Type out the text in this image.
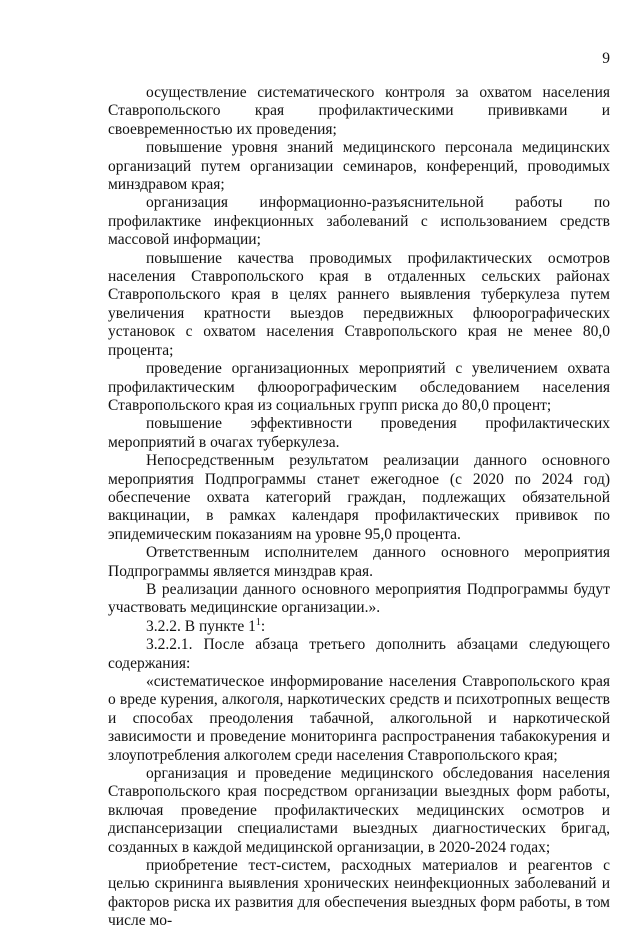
9

осуществление систематического контроля за охватом населения Ставропольского края профилактическими прививками и своевременностью их проведения;

повышение уровня знаний медицинского персонала медицинских организаций путем организации семинаров, конференций, проводимых минздравом края;

организация информационно-разъяснительной работы по профилактике инфекционных заболеваний с использованием средств массовой информации;

повышение качества проводимых профилактических осмотров населения Ставропольского края в отдаленных сельских районах Ставропольского края в целях раннего выявления туберкулеза путем увеличения кратности выездов передвижных флюорографических установок с охватом населения Ставропольского края не менее 80,0 процента;

проведение организационных мероприятий с увеличением охвата профилактическим флюорографическим обследованием населения Ставропольского края из социальных групп риска до 80,0 процент;

повышение эффективности проведения профилактических мероприятий в очагах туберкулеза.

Непосредственным результатом реализации данного основного мероприятия Подпрограммы станет ежегодное (с 2020 по 2024 год) обеспечение охвата категорий граждан, подлежащих обязательной вакцинации, в рамках календаря профилактических прививок по эпидемическим показаниям на уровне 95,0 процента.

Ответственным исполнителем данного основного мероприятия Подпрограммы является минздрав края.

В реализации данного основного мероприятия Подпрограммы будут участвовать медицинские организации.».

3.2.2. В пункте $1^1$:

3.2.2.1. После абзаца третьего дополнить абзацами следующего содержания:

«систематическое информирование населения Ставропольского края о вреде курения, алкоголя, наркотических средств и психотропных веществ и способах преодоления табачной, алкогольной и наркотической зависимости и проведение мониторинга распространения табакокурения и злоупотребления алкоголем среди населения Ставропольского края;

организация и проведение медицинского обследования населения Ставропольского края посредством организации выездных форм работы, включая проведение профилактических медицинских осмотров и диспансеризации специалистами выездных диагностических бригад, созданных в каждой медицинской организации, в 2020-2024 годах;

приобретение тест-систем, расходных материалов и реагентов с целью скрининга выявления хронических неинфекционных заболеваний и факторов риска их развития для обеспечения выездных форм работы, в том числе мо-
